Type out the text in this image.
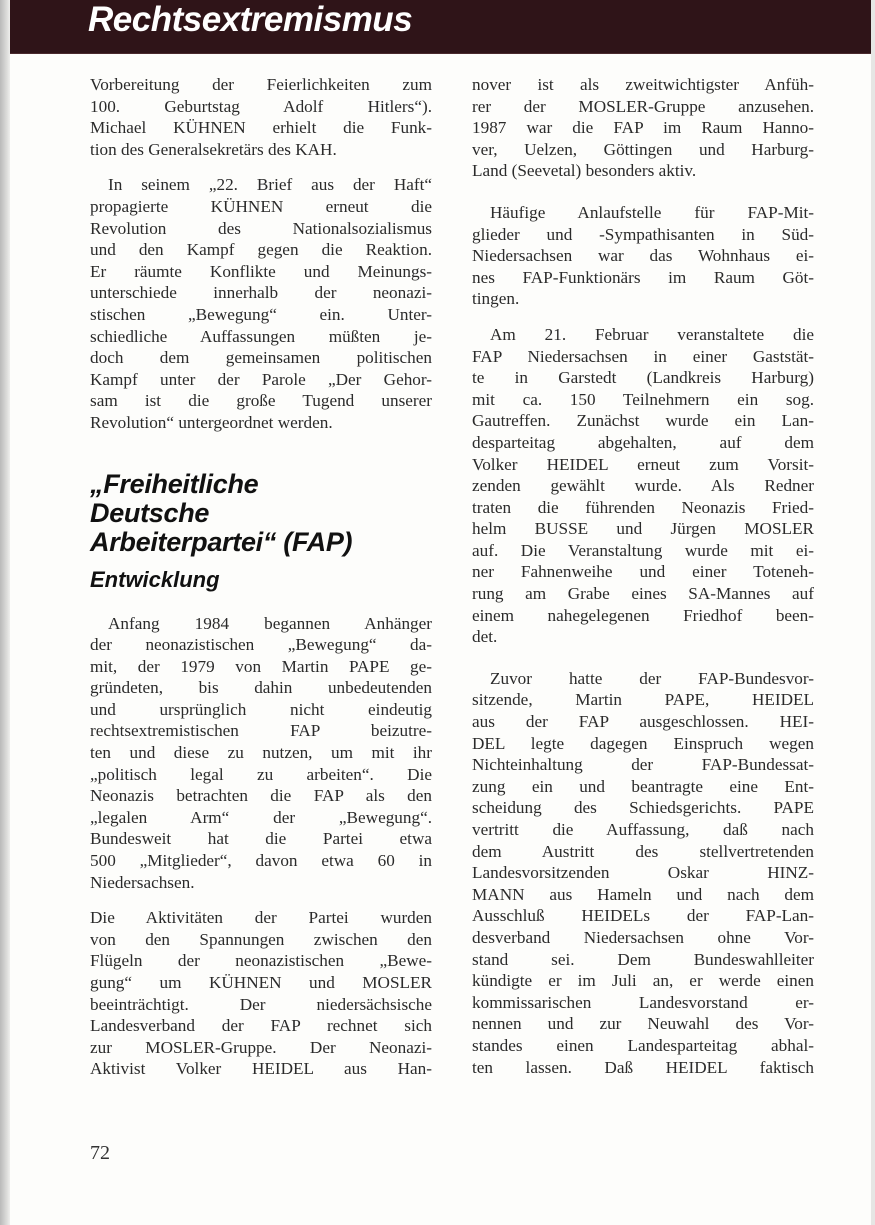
Rechtsextremismus
Vorbereitung der Feierlichkeiten zum
100. Geburtstag Adolf Hitlers“).
Michael KÜHNEN erhielt die Funk-
tion des Generalsekretärs des KAH.
In seinem „22. Brief aus der Haft“
propagierte KÜHNEN erneut die
Revolution des Nationalsozialismus
und den Kampf gegen die Reaktion.
Er räumte Konflikte und Meinungs-
unterschiede innerhalb der neonazi-
stischen „Bewegung“ ein. Unter-
schiedliche Auffassungen müßten je-
doch dem gemeinsamen politischen
Kampf unter der Parole „Der Gehor-
sam ist die große Tugend unserer
Revolution“ untergeordnet werden.
„Freiheitliche
Deutsche
Arbeiterpartei“ (FAP)
Entwicklung
Anfang 1984 begannen Anhänger
der neonazistischen „Bewegung“ da-
mit, der 1979 von Martin PAPE ge-
gründeten, bis dahin unbedeutenden
und ursprünglich nicht eindeutig
rechtsextremistischen FAP beizutre-
ten und diese zu nutzen, um mit ihr
„politisch legal zu arbeiten“. Die
Neonazis betrachten die FAP als den
„legalen Arm“ der „Bewegung“.
Bundesweit hat die Partei etwa
500 „Mitglieder“, davon etwa 60 in
Niedersachsen.
Die Aktivitäten der Partei wurden
von den Spannungen zwischen den
Flügeln der neonazistischen „Bewe-
gung“ um KÜHNEN und MOSLER
beeinträchtigt. Der niedersächsische
Landesverband der FAP rechnet sich
zur MOSLER-Gruppe. Der Neonazi-
Aktivist Volker HEIDEL aus Han-
nover ist als zweitwichtigster Anfüh-
rer der MOSLER-Gruppe anzusehen.
1987 war die FAP im Raum Hanno-
ver, Uelzen, Göttingen und Harburg-
Land (Seevetal) besonders aktiv.
Häufige Anlaufstelle für FAP-Mit-
glieder und -Sympathisanten in Süd-
Niedersachsen war das Wohnhaus ei-
nes FAP-Funktionärs im Raum Göt-
tingen.
Am 21. Februar veranstaltete die
FAP Niedersachsen in einer Gaststät-
te in Garstedt (Landkreis Harburg)
mit ca. 150 Teilnehmern ein sog.
Gautreffen. Zunächst wurde ein Lan-
desparteitag abgehalten, auf dem
Volker HEIDEL erneut zum Vorsit-
zenden gewählt wurde. Als Redner
traten die führenden Neonazis Fried-
helm BUSSE und Jürgen MOSLER
auf. Die Veranstaltung wurde mit ei-
ner Fahnenweihe und einer Toteneh-
rung am Grabe eines SA-Mannes auf
einem nahegelegenen Friedhof been-
det.
Zuvor hatte der FAP-Bundesvor-
sitzende, Martin PAPE, HEIDEL
aus der FAP ausgeschlossen. HEI-
DEL legte dagegen Einspruch wegen
Nichteinhaltung der FAP-Bundessat-
zung ein und beantragte eine Ent-
scheidung des Schiedsgerichts. PAPE
vertritt die Auffassung, daß nach
dem Austritt des stellvertretenden
Landesvorsitzenden Oskar HINZ-
MANN aus Hameln und nach dem
Ausschluß HEIDELs der FAP-Lan-
desverband Niedersachsen ohne Vor-
stand sei. Dem Bundeswahlleiter
kündigte er im Juli an, er werde einen
kommissarischen Landesvorstand er-
nennen und zur Neuwahl des Vor-
standes einen Landesparteitag abhal-
ten lassen. Daß HEIDEL faktisch
72
